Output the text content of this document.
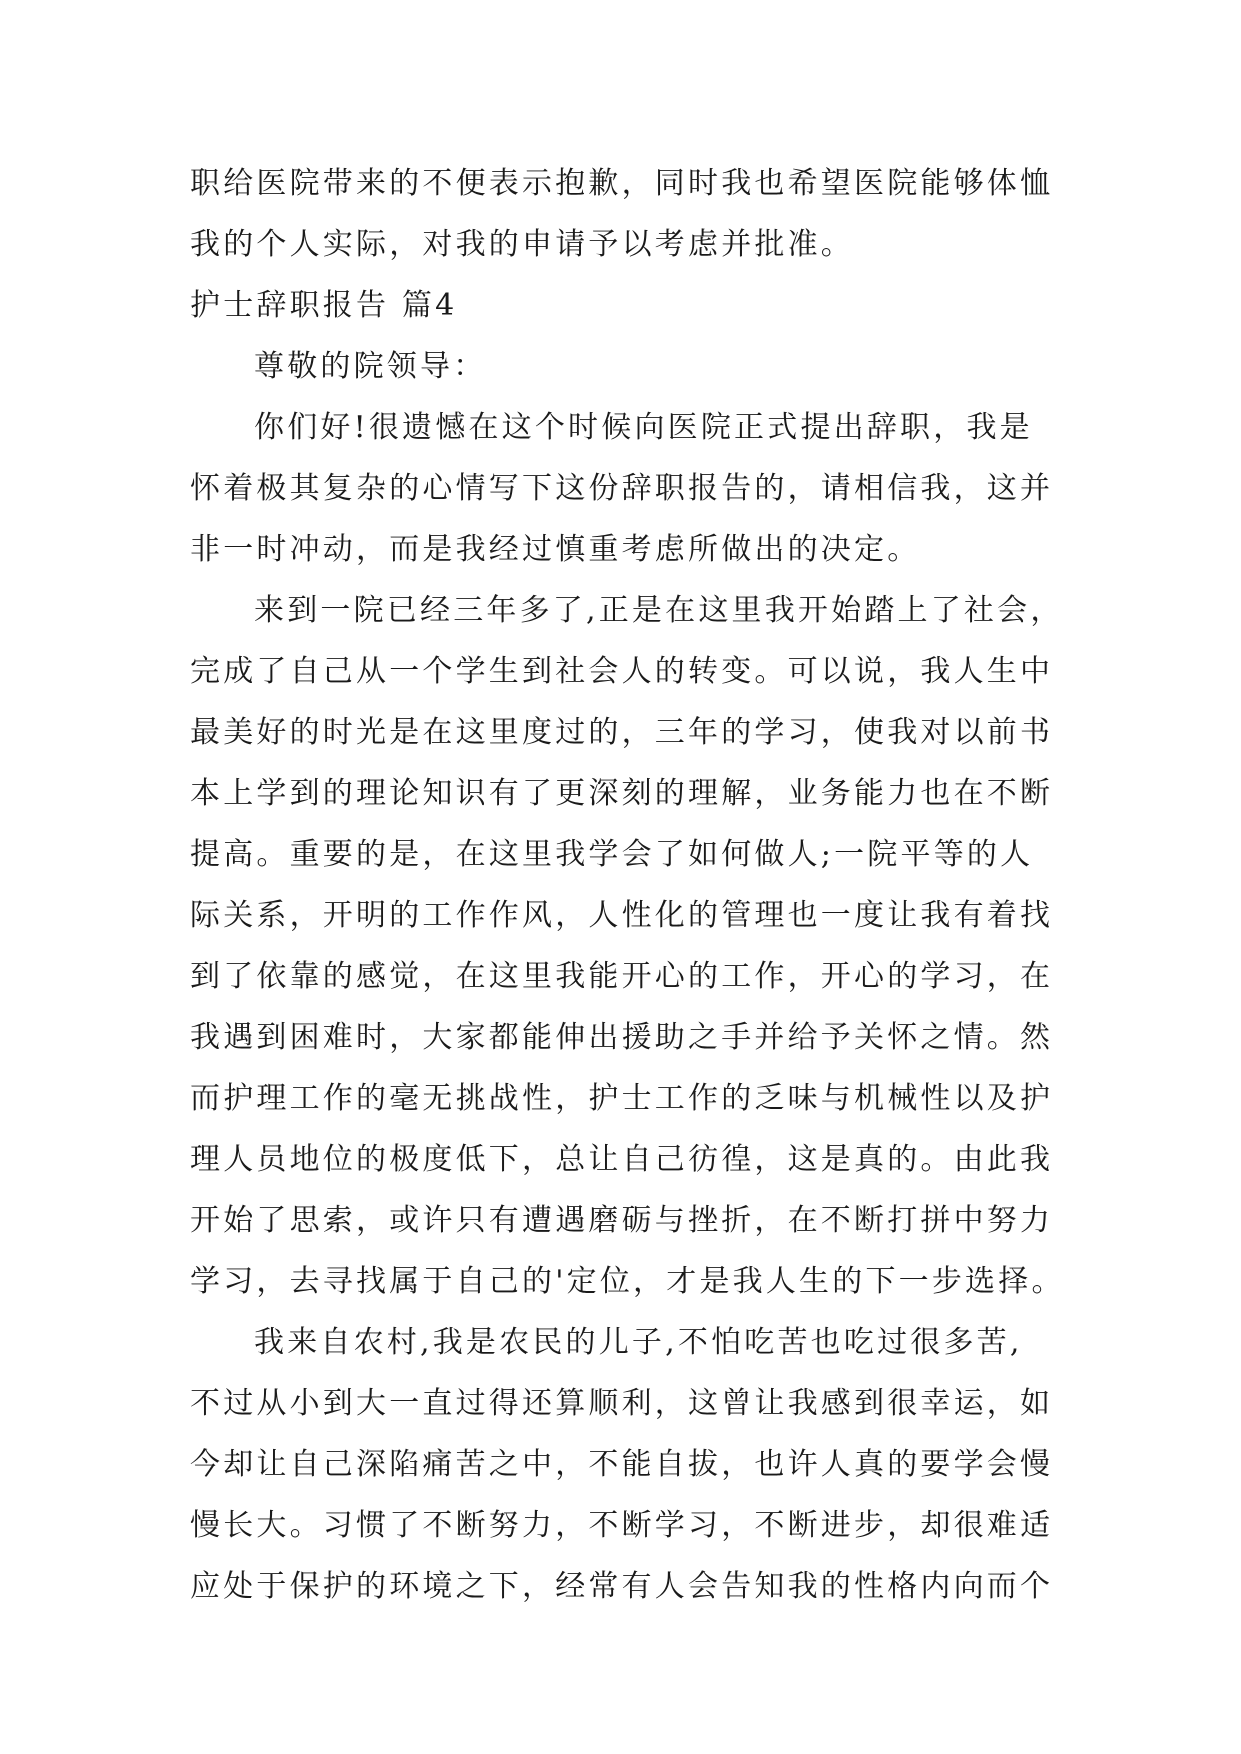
职给医院带来的不便表示抱歉，同时我也希望医院能够体恤
我的个人实际，对我的申请予以考虑并批准。
护士辞职报告 篇4
尊敬的院领导：
你们好!很遗憾在这个时候向医院正式提出辞职，我是
怀着极其复杂的心情写下这份辞职报告的，请相信我，这并
非一时冲动，而是我经过慎重考虑所做出的决定。
来到一院已经三年多了,正是在这里我开始踏上了社会，
完成了自己从一个学生到社会人的转变。可以说，我人生中
最美好的时光是在这里度过的，三年的学习，使我对以前书
本上学到的理论知识有了更深刻的理解，业务能力也在不断
提高。重要的是，在这里我学会了如何做人;一院平等的人
际关系，开明的工作作风，人性化的管理也一度让我有着找
到了依靠的感觉，在这里我能开心的工作，开心的学习，在
我遇到困难时，大家都能伸出援助之手并给予关怀之情。然
而护理工作的毫无挑战性，护士工作的乏味与机械性以及护
理人员地位的极度低下，总让自己彷徨，这是真的。由此我
开始了思索，或许只有遭遇磨砺与挫折，在不断打拼中努力
学习，去寻找属于自己的'定位，才是我人生的下一步选择。
我来自农村,我是农民的儿子,不怕吃苦也吃过很多苦,
不过从小到大一直过得还算顺利，这曾让我感到很幸运，如
今却让自己深陷痛苦之中，不能自拔，也许人真的要学会慢
慢长大。习惯了不断努力，不断学习，不断进步，却很难适
应处于保护的环境之下，经常有人会告知我的性格内向而个
